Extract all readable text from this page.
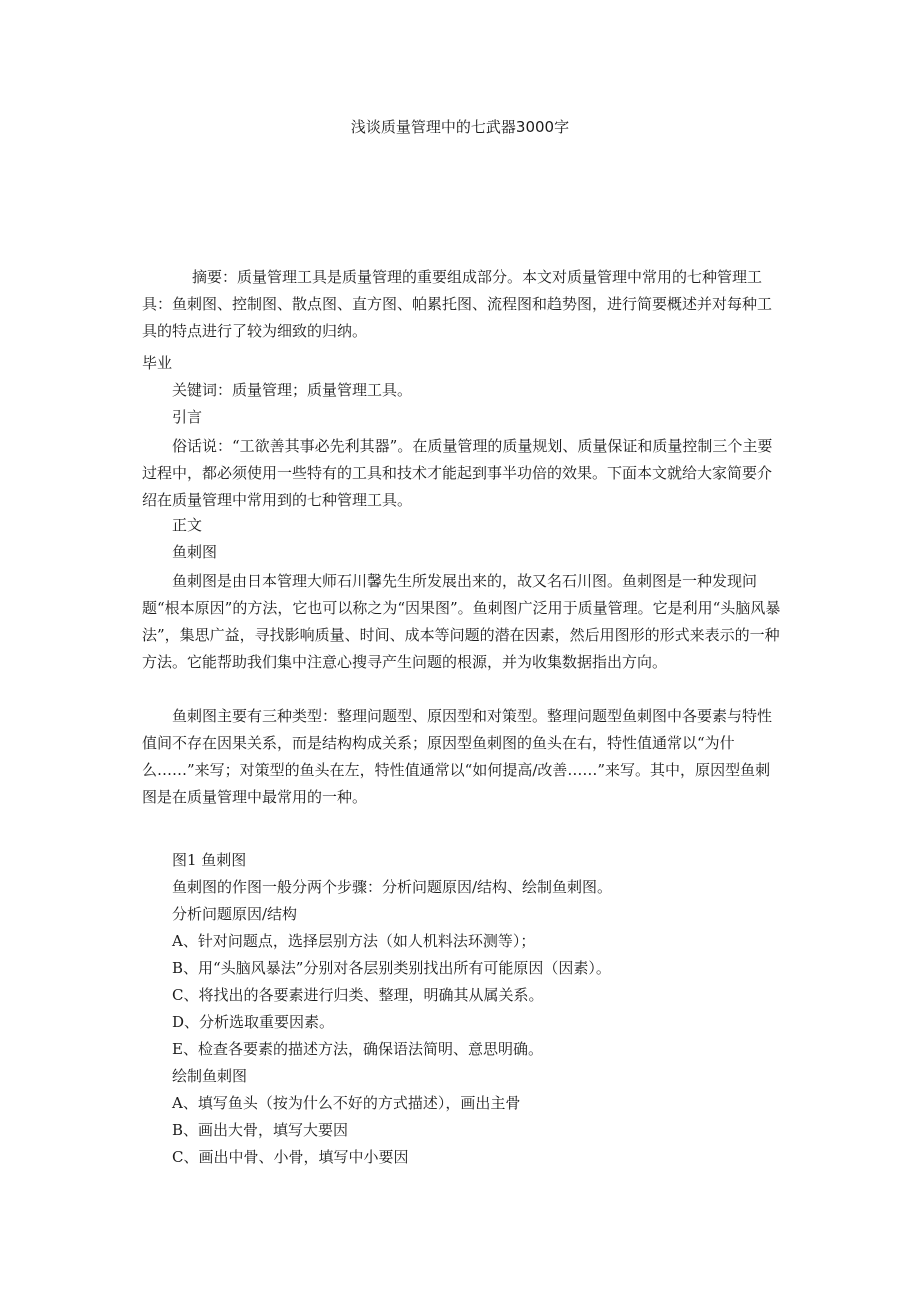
浅谈质量管理中的七武器3000字

摘要：质量管理工具是质量管理的重要组成部分。本文对质量管理中常用的七种管理工具：鱼刺图、控制图、散点图、直方图、帕累托图、流程图和趋势图，进行简要概述并对每种工具的特点进行了较为细致的归纳。

毕业

关键词：质量管理；质量管理工具。

引言

俗话说：“工欲善其事必先利其器”。在质量管理的质量规划、质量保证和质量控制三个主要过程中，都必须使用一些特有的工具和技术才能起到事半功倍的效果。下面本文就给大家简要介绍在质量管理中常用到的七种管理工具。

正文

鱼刺图

鱼刺图是由日本管理大师石川馨先生所发展出来的，故又名石川图。鱼刺图是一种发现问题“根本原因”的方法，它也可以称之为“因果图”。鱼刺图广泛用于质量管理。它是利用“头脑风暴法”，集思广益，寻找影响质量、时间、成本等问题的潜在因素，然后用图形的形式来表示的一种方法。它能帮助我们集中注意心搜寻产生问题的根源，并为收集数据指出方向。

鱼刺图主要有三种类型：整理问题型、原因型和对策型。整理问题型鱼刺图中各要素与特性值间不存在因果关系，而是结构构成关系；原因型鱼刺图的鱼头在右，特性值通常以“为什么……”来写；对策型的鱼头在左，特性值通常以“如何提高/改善……”来写。其中，原因型鱼刺图是在质量管理中最常用的一种。

图1 鱼刺图

鱼刺图的作图一般分两个步骤：分析问题原因/结构、绘制鱼刺图。

分析问题原因/结构

A、针对问题点，选择层别方法（如人机料法环测等）；

B、用“头脑风暴法”分别对各层别类别找出所有可能原因（因素）。

C、将找出的各要素进行归类、整理，明确其从属关系。

D、分析选取重要因素。

E、检查各要素的描述方法，确保语法简明、意思明确。

绘制鱼刺图

A、填写鱼头（按为什么不好的方式描述），画出主骨

B、画出大骨，填写大要因

C、画出中骨、小骨，填写中小要因
